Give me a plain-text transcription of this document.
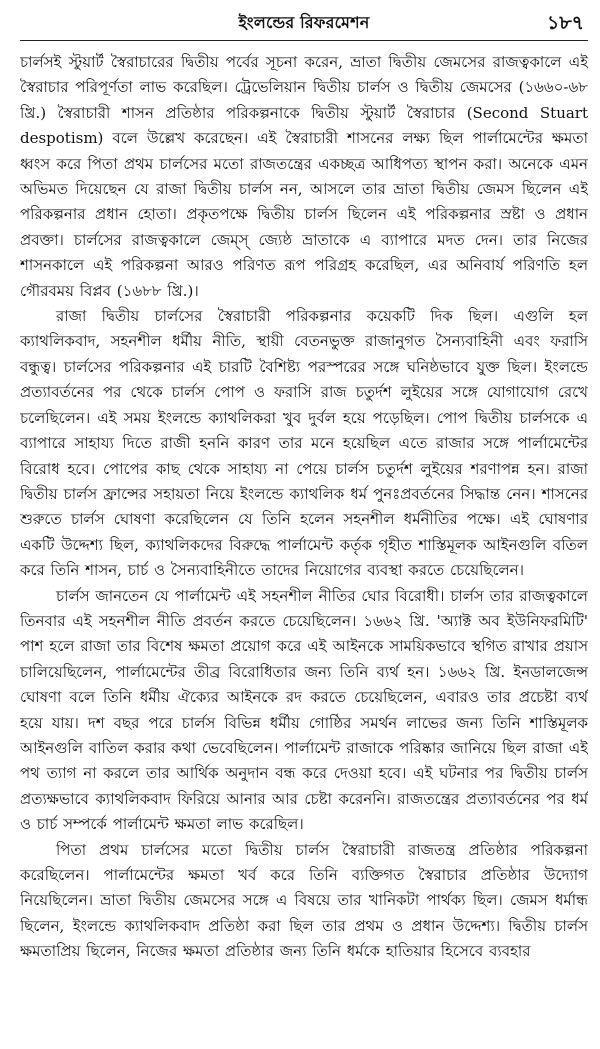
ইংলন্ডের রিফরমেশন	১৮৭

চার্লসই স্টুয়ার্ট স্বৈরাচারের দ্বিতীয় পর্বের সূচনা করেন, ভ্রাতা দ্বিতীয় জেমসের রাজত্বকালে এই স্বৈরাচার পরিপূর্ণতা লাভ করেছিল। ট্রেভেলিয়ান দ্বিতীয় চার্লস ও দ্বিতীয় জেমসের (১৬৬০-৬৮ খ্রি.) স্বৈরাচারী শাসন প্রতিষ্ঠার পরিকল্পনাকে দ্বিতীয় স্টুয়ার্ট স্বৈরাচার (Second Stuart despotism) বলে উল্লেখ করেছেন। এই স্বৈরাচারী শাসনের লক্ষ্য ছিল পার্লামেন্টের ক্ষমতা ধ্বংস করে পিতা প্রথম চার্লসের মতো রাজতন্ত্রের একচ্ছত্র আধিপত্য স্থাপন করা। অনেকে এমন অভিমত দিয়েছেন যে রাজা দ্বিতীয় চার্লস নন, আসলে তার ভ্রাতা দ্বিতীয় জেমস ছিলেন এই পরিকল্পনার প্রধান হোতা। প্রকৃতপক্ষে দ্বিতীয় চার্লস ছিলেন এই পরিকল্পনার স্রষ্টা ও প্রধান প্রবক্তা। চার্লসের রাজত্বকালে জেম্স্ জ্যেষ্ঠ ভ্রাতাকে এ ব্যাপারে মদত দেন। তার নিজের শাসনকালে এই পরিকল্পনা আরও পরিণত রূপ পরিগ্রহ করেছিল, এর অনিবার্য পরিণতি হল গৌরবময় বিপ্লব (১৬৮৮ খ্রি.)।

রাজা দ্বিতীয় চার্লসের স্বৈরাচারী পরিকল্পনার কয়েকটি দিক ছিল। এগুলি হল ক্যাথলিকবাদ, সহনশীল ধর্মীয় নীতি, স্থায়ী বেতনভুক্ত রাজানুগত সৈন্যবাহিনী এবং ফরাসি বন্ধুত্ব। চার্লসের পরিকল্পনার এই চারটি বৈশিষ্ট্য পরস্পরের সঙ্গে ঘনিষ্ঠভাবে যুক্ত ছিল। ইংলন্ডে প্রত্যাবর্তনের পর থেকে চার্লস পোপ ও ফরাসি রাজ চতুর্দশ লুইয়ের সঙ্গে যোগাযোগ রেখে চলেছিলেন। এই সময় ইংলন্ডে ক্যাথলিকরা খুব দুর্বল হয়ে পড়েছিল। পোপ দ্বিতীয় চার্লসকে এ ব্যাপারে সাহায্য দিতে রাজী হননি কারণ তার মনে হয়েছিল এতে রাজার সঙ্গে পার্লামেন্টের বিরোধ হবে। পোপের কাছ থেকে সাহায্য না পেয়ে চার্লস চতুর্দশ লুইয়ের শরণাপন্ন হন। রাজা দ্বিতীয় চার্লস ফ্রান্সের সহায়তা নিয়ে ইংলন্ডে ক্যাথলিক ধর্ম পুনঃপ্রবর্তনের সিদ্ধান্ত নেন। শাসনের শুরুতে চার্লস ঘোষণা করেছিলেন যে তিনি হলেন সহনশীল ধর্মনীতির পক্ষে। এই ঘোষণার একটি উদ্দেশ্য ছিল, ক্যাথলিকদের বিরুদ্ধে পার্লামেন্ট কর্তৃক গৃহীত শাস্তিমূলক আইনগুলি বতিল করে তিনি শাসন, চার্চ ও সৈন্যবাহিনীতে তাদের নিয়োগের ব্যবস্থা করতে চেয়েছিলেন।

চার্লস জানতেন যে পার্লামেন্ট এই সহনশীল নীতির ঘোর বিরোধী। চার্লস তার রাজত্বকালে তিনবার এই সহনশীল নীতি প্রবর্তন করতে চেয়েছিলেন। ১৬৬২ খ্রি. 'অ্যাক্ট অব ইউনিফরমিটি' পাশ হলে রাজা তার বিশেষ ক্ষমতা প্রয়োগ করে এই আইনকে সাময়িকভাবে স্থগিত রাখার প্রয়াস চালিয়েছিলেন, পার্লামেন্টের তীব্র বিরোধিতার জন্য তিনি ব্যর্থ হন। ১৬৬২ খ্রি. ইনডালজেন্স ঘোষণা বলে তিনি ধর্মীয় ঐক্যের আইনকে রদ করতে চেয়েছিলেন, এবারও তার প্রচেষ্টা ব্যর্থ হয়ে যায়। দশ বছর পরে চার্লস বিভিন্ন ধর্মীয় গোষ্ঠির সমর্থন লাভের জন্য তিনি শাস্তিমূলক আইনগুলি বাতিল করার কথা ভেবেছিলেন। পার্লামেন্ট রাজাকে পরিষ্কার জানিয়ে ছিল রাজা এই পথ ত্যাগ না করলে তার আর্থিক অনুদান বন্ধ করে দেওয়া হবে। এই ঘটনার পর দ্বিতীয় চার্লস প্রত্যক্ষভাবে ক্যাথলিকবাদ ফিরিয়ে আনার আর চেষ্টা করেননি। রাজতন্ত্রের প্রত্যাবর্তনের পর ধর্ম ও চার্চ সম্পর্কে পার্লামেন্ট ক্ষমতা লাভ করেছিল।

পিতা প্রথম চার্লসের মতো দ্বিতীয় চার্লস স্বৈরাচারী রাজতন্ত্র প্রতিষ্ঠার পরিকল্পনা করেছিলেন। পার্লামেন্টের ক্ষমতা খর্ব করে তিনি ব্যক্তিগত স্বৈরাচার প্রতিষ্ঠার উদ্যোগ নিয়েছিলেন। ভ্রাতা দ্বিতীয় জেমসের সঙ্গে এ বিষয়ে তার খানিকটা পার্থক্য ছিল। জেমস ধর্মান্ধ ছিলেন, ইংলন্ডে ক্যাথলিকবাদ প্রতিষ্ঠা করা ছিল তার প্রথম ও প্রধান উদ্দেশ্য। দ্বিতীয় চার্লস ক্ষমতাপ্রিয় ছিলেন, নিজের ক্ষমতা প্রতিষ্ঠার জন্য তিনি ধর্মকে হাতিয়ার হিসেবে ব্যবহার
